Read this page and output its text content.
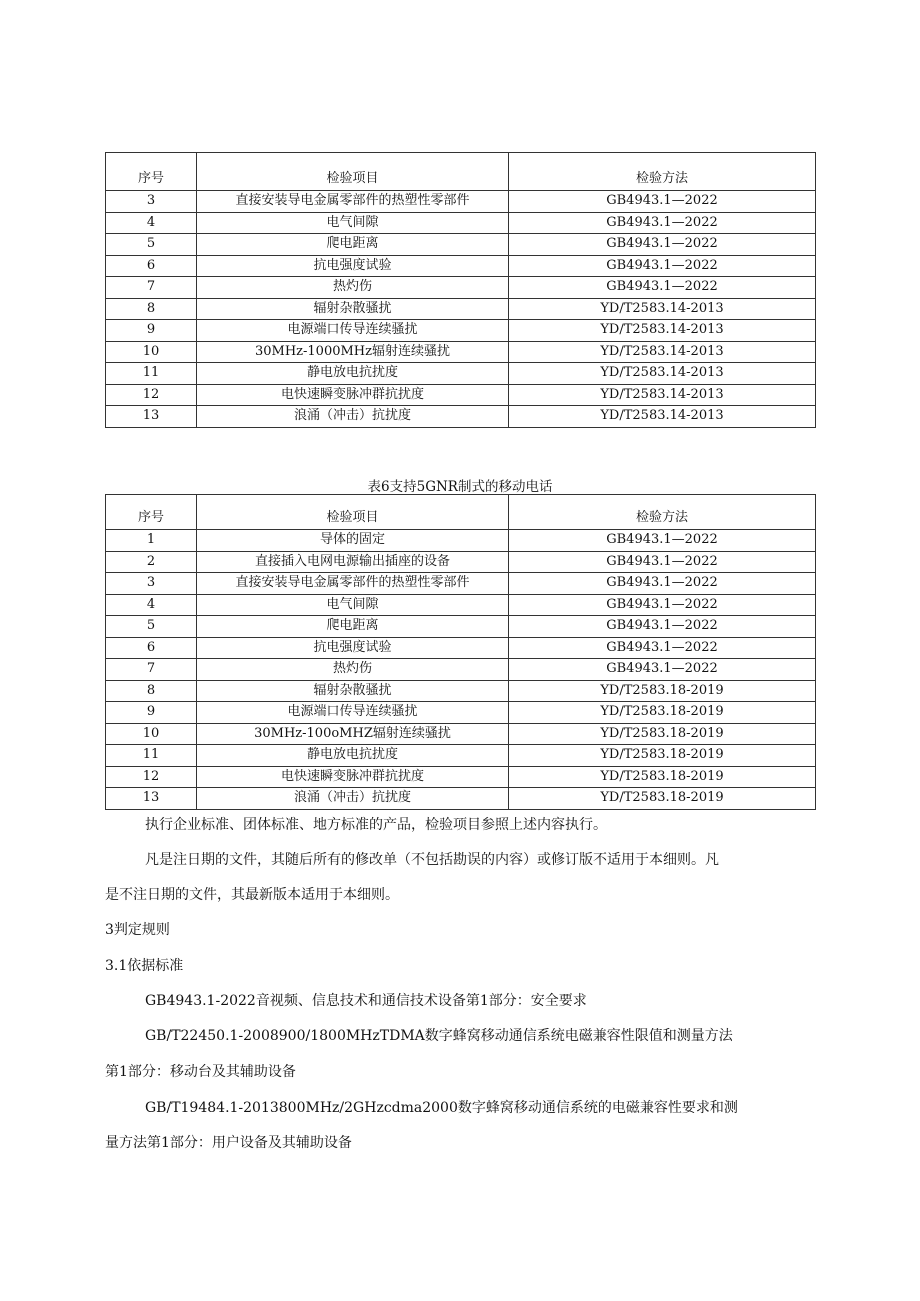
序号	检验项目	检验方法
3	直接安装导电金属零部件的热塑性零部件	GB4943.1—2022
4	电气间隙	GB4943.1—2022
5	爬电距离	GB4943.1—2022
6	抗电强度试验	GB4943.1—2022
7	热灼伤	GB4943.1—2022
8	辐射杂散骚扰	YD/T2583.14-2013
9	电源端口传导连续骚扰	YD/T2583.14-2013
10	30MHz-1000MHz辐射连续骚扰	YD/T2583.14-2013
11	静电放电抗扰度	YD/T2583.14-2013
12	电快速瞬变脉冲群抗扰度	YD/T2583.14-2013
13	浪涌（冲击）抗扰度	YD/T2583.14-2013
表6支持5GNR制式的移动电话
序号	检验项目	检验方法
1	导体的固定	GB4943.1—2022
2	直接插入电网电源输出插座的设备	GB4943.1—2022
3	直接安装导电金属零部件的热塑性零部件	GB4943.1—2022
4	电气间隙	GB4943.1—2022
5	爬电距离	GB4943.1—2022
6	抗电强度试验	GB4943.1—2022
7	热灼伤	GB4943.1—2022
8	辐射杂散骚扰	YD/T2583.18-2019
9	电源端口传导连续骚扰	YD/T2583.18-2019
10	30MHz-100oMHZ辐射连续骚扰	YD/T2583.18-2019
11	静电放电抗扰度	YD/T2583.18-2019
12	电快速瞬变脉冲群抗扰度	YD/T2583.18-2019
13	浪涌（冲击）抗扰度	YD/T2583.18-2019
执行企业标准、团体标准、地方标准的产品，检验项目参照上述内容执行。
凡是注日期的文件，其随后所有的修改单（不包括勘误的内容）或修订版不适用于本细则。凡
是不注日期的文件，其最新版本适用于本细则。
3判定规则
3.1依据标准
GB4943.1-2022音视频、信息技术和通信技术设备第1部分：安全要求
GB/T22450.1-2008900/1800MHzTDMA数字蜂窝移动通信系统电磁兼容性限值和测量方法
第1部分：移动台及其辅助设备
GB/T19484.1-2013800MHz/2GHzcdma2000数字蜂窝移动通信系统的电磁兼容性要求和测
量方法第1部分：用户设备及其辅助设备
